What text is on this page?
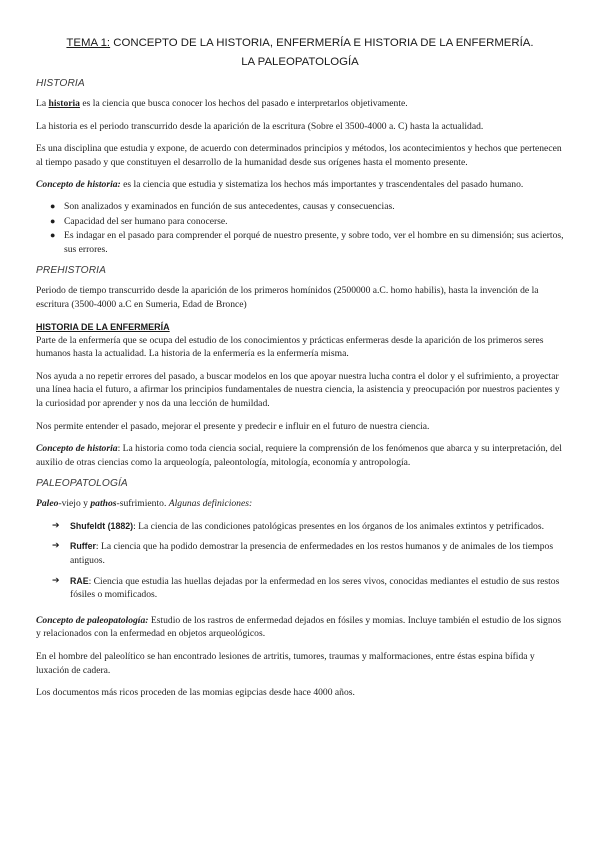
TEMA 1: CONCEPTO DE LA HISTORIA, ENFERMERÍA E HISTORIA DE LA ENFERMERÍA.
LA PALEOPATOLOGÍA
HISTORIA

La historia es la ciencia que busca conocer los hechos del pasado e interpretarlos objetivamente.

La historia es el periodo transcurrido desde la aparición de la escritura (Sobre el 3500-4000 a. C) hasta la actualidad.

Es una disciplina que estudia y expone, de acuerdo con determinados principios y métodos, los acontecimientos y hechos que pertenecen al tiempo pasado y que constituyen el desarrollo de la humanidad desde sus orígenes hasta el momento presente.

Concepto de historia: es la ciencia que estudia y sistematiza los hechos más importantes y trascendentales del pasado humano.

● Son analizados y examinados en función de sus antecedentes, causas y consecuencias.
● Capacidad del ser humano para conocerse.
● Es indagar en el pasado para comprender el porqué de nuestro presente, y sobre todo, ver el hombre en su dimensión; sus aciertos, sus errores.
PREHISTORIA

Periodo de tiempo transcurrido desde la aparición de los primeros homínidos (2500000 a.C. homo habilis), hasta la invención de la escritura (3500-4000 a.C en Sumeria, Edad de Bronce)

HISTORIA DE LA ENFERMERÍA

Parte de la enfermería que se ocupa del estudio de los conocimientos y prácticas enfermeras desde la aparición de los primeros seres humanos hasta la actualidad. La historia de la enfermería es la enfermería misma.

Nos ayuda a no repetir errores del pasado, a buscar modelos en los que apoyar nuestra lucha contra el dolor y el sufrimiento, a proyectar una línea hacia el futuro, a afirmar los principios fundamentales de nuestra ciencia, la asistencia y preocupación por nuestros pacientes y la curiosidad por aprender y nos da una lección de humildad.

Nos permite entender el pasado, mejorar el presente y predecir e influir en el futuro de nuestra ciencia.

Concepto de historia: La historia como toda ciencia social, requiere la comprensión de los fenómenos que abarca y su interpretación, del auxilio de otras ciencias como la arqueología, paleontología, mitología, economía y antropología.

PALEOPATOLOGÍA

Paleo-viejo y pathos-sufrimiento. Algunas definiciones:

➔ Shufeldt (1882): La ciencia de las condiciones patológicas presentes en los órganos de los animales extintos y petrificados.
➔ Ruffer: La ciencia que ha podido demostrar la presencia de enfermedades en los restos humanos y de animales de los tiempos antiguos.
➔ RAE: Ciencia que estudia las huellas dejadas por la enfermedad en los seres vivos, conocidas mediantes el estudio de sus restos fósiles o momificados.

Concepto de paleopatología: Estudio de los rastros de enfermedad dejados en fósiles y momias. Incluye también el estudio de los signos y relacionados con la enfermedad en objetos arqueológicos.

En el hombre del paleolítico se han encontrado lesiones de artritis, tumores, traumas y malformaciones, entre éstas espina bífida y luxación de cadera.

Los documentos más ricos proceden de las momias egipcias desde hace 4000 años.
